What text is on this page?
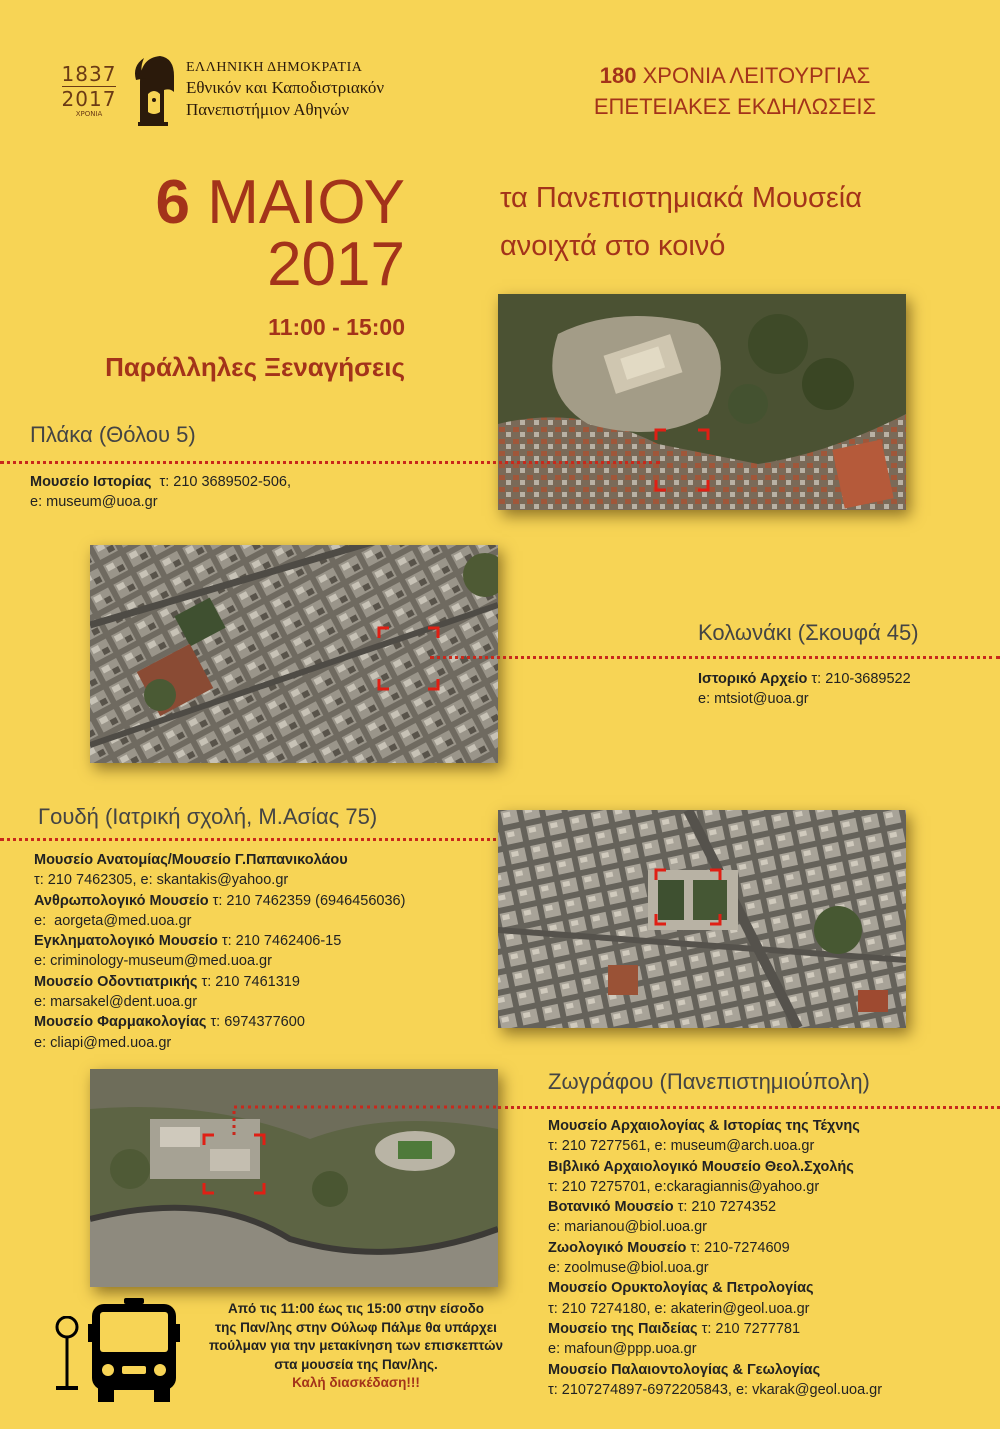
1837
2017
ΧΡΟΝΙΑ
ΕΛΛΗΝΙΚΗ ΔΗΜΟΚΡΑΤΙΑ
Εθνικόν και Καποδιστριακόν
Πανεπιστήμιον Αθηνών
180 ΧΡΟΝΙΑ ΛΕΙΤΟΥΡΓΙΑΣ
ΕΠΕΤΕΙΑΚΕΣ ΕΚΔΗΛΩΣΕΙΣ
6 ΜΑΙΟΥ
2017
11:00 - 15:00
Παράλληλες Ξεναγήσεις
τα Πανεπιστημιακά Μουσεία
ανοιχτά στο κοινό
Πλάκα (Θόλου 5)
Μουσείο Ιστορίας τ: 210 3689502-506,
e: museum@uoa.gr
Κολωνάκι (Σκουφά 45)
Ιστορικό Αρχείο τ: 210-3689522
e: mtsiot@uoa.gr
Γουδή (Ιατρική σχολή, Μ.Ασίας 75)
Μουσείο Ανατομίας/Μουσείο Γ.Παπανικολάου
τ: 210 7462305, e: skantakis@yahoo.gr
Ανθρωπολογικό Μουσείο τ: 210 7462359 (6946456036)
e:  aorgeta@med.uoa.gr
Εγκληματολογικό Μουσείο τ: 210 7462406-15
e: criminology-museum@med.uoa.gr
Μουσείο Οδοντιατρικής τ: 210 7461319
e: marsakel@dent.uoa.gr
Μουσείο Φαρμακολογίας τ: 6974377600
e: cliapi@med.uoa.gr
Ζωγράφου (Πανεπιστημιούπολη)
Μουσείο Αρχαιολογίας & Ιστορίας της Τέχνης
τ: 210 7277561, e: museum@arch.uoa.gr
Βιβλικό Αρχαιολογικό Μουσείο Θεολ.Σχολής
τ: 210 7275701, e:ckaragiannis@yahoo.gr
Βοτανικό Μουσείο τ: 210 7274352
e: marianou@biol.uoa.gr
Ζωολογικό Μουσείο τ: 210-7274609
e: zoolmuse@biol.uoa.gr
Μουσείο Ορυκτολογίας & Πετρολογίας
τ: 210 7274180, e: akaterin@geol.uoa.gr
Μουσείο της Παιδείας τ: 210 7277781
e: mafoun@ppp.uoa.gr
Μουσείο Παλαιοντολογίας & Γεωλογίας
τ: 2107274897-6972205843, e: vkarak@geol.uoa.gr
Από τις 11:00 έως τις 15:00 στην είσοδο
της Παν/λης στην Ούλωφ Πάλμε θα υπάρχει
πούλμαν για την μετακίνηση των επισκεπτών
στα μουσεία της Παν/λης.
Καλή διασκέδαση!!!
